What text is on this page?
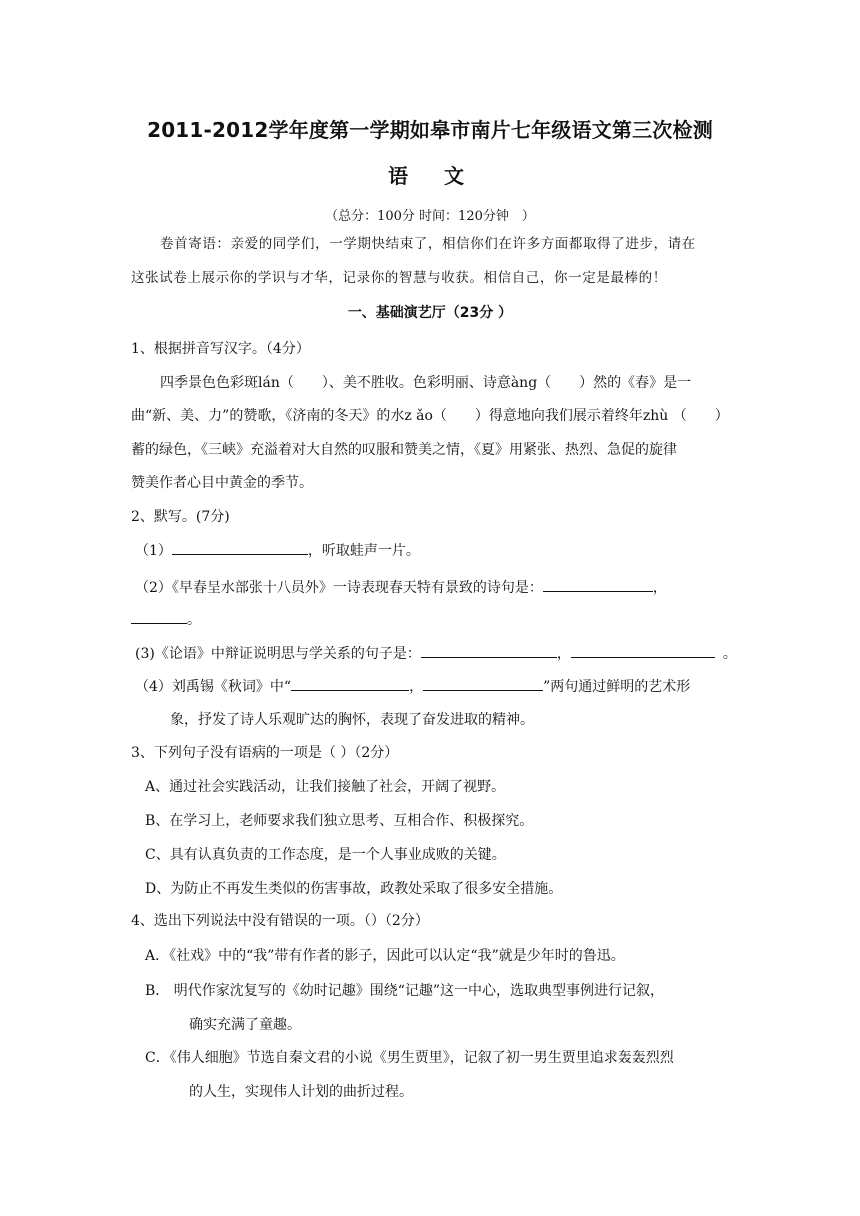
2011-2012学年度第一学期如皋市南片七年级语文第三次检测
语　文
（总分：100分 时间：120分钟　）
卷首寄语：亲爱的同学们，一学期快结束了，相信你们在许多方面都取得了进步，请在
这张试卷上展示你的学识与才华，记录你的智慧与收获。相信自己，你一定是最棒的！
一、基础演艺厅（23分 ）
1、根据拼音写汉字。（4分）
四季景色色彩斑lán（　　）、美不胜收。色彩明丽、诗意àng（　　）然的《春》是一
曲“新、美、力”的赞歌，《济南的冬天》的水z ǎo（　　）得意地向我们展示着终年zhù （　　）
蓄的绿色，《三峡》充溢着对大自然的叹服和赞美之情，《夏》用紧张、热烈、急促的旋律
赞美作者心目中黄金的季节。
2、默写。(7分)
（1）	，听取蛙声一片。
（2）《早春呈水部张十八员外》一诗表现春天特有景致的诗句是：	，
。
(3)《论语》中辩证说明思与学关系的句子是：	，	。
（4）刘禹锡《秋词》中“	，	”两句通过鲜明的艺术形
象，抒发了诗人乐观旷达的胸怀，表现了奋发进取的精神。
3、下列句子没有语病的一项是（ ）（2分）
A、通过社会实践活动，让我们接触了社会，开阔了视野。
B、在学习上，老师要求我们独立思考、互相合作、积极探究。
C、具有认真负责的工作态度，是一个人事业成败的关键。
D、为防止不再发生类似的伤害事故，政教处采取了很多安全措施。
4、选出下列说法中没有错误的一项。（）（2分）
A．《社戏》中的“我”带有作者的影子，因此可以认定“我”就是少年时的鲁迅。
B． 明代作家沈复写的《幼时记趣》围绕“记趣”这一中心，选取典型事例进行记叙，
确实充满了童趣。
C．《伟人细胞》节选自秦文君的小说《男生贾里》，记叙了初一男生贾里追求轰轰烈烈
的人生，实现伟人计划的曲折过程。
